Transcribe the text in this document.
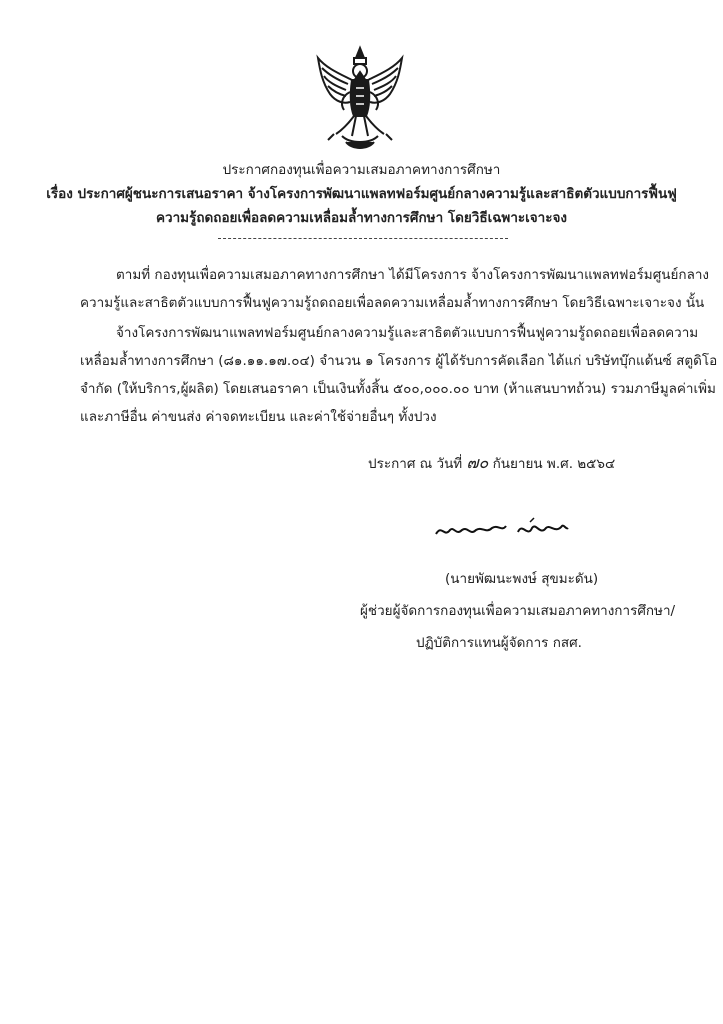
ประกาศกองทุนเพื่อความเสมอภาคทางการศึกษา
เรื่อง ประกาศผู้ชนะการเสนอราคา จ้างโครงการพัฒนาแพลทฟอร์มศูนย์กลางความรู้และสาธิตตัวแบบการฟื้นฟู
ความรู้ถดถอยเพื่อลดความเหลื่อมล้ำทางการศึกษา โดยวิธีเฉพาะเจาะจง
ตามที่ กองทุนเพื่อความเสมอภาคทางการศึกษา ได้มีโครงการ จ้างโครงการพัฒนาแพลทฟอร์มศูนย์กลาง
ความรู้และสาธิตตัวแบบการฟื้นฟูความรู้ถดถอยเพื่อลดความเหลื่อมล้ำทางการศึกษา โดยวิธีเฉพาะเจาะจง นั้น
จ้างโครงการพัฒนาแพลทฟอร์มศูนย์กลางความรู้และสาธิตตัวแบบการฟื้นฟูความรู้ถดถอยเพื่อลดความ
เหลื่อมล้ำทางการศึกษา (๘๑.๑๑.๑๗.๐๔) จำนวน ๑ โครงการ ผู้ได้รับการคัดเลือก ได้แก่ บริษัทบุ๊กแด้นซ์ สตูดิโอ
จำกัด (ให้บริการ,ผู้ผลิต) โดยเสนอราคา เป็นเงินทั้งสิ้น ๕๐๐,๐๐๐.๐๐ บาท (ห้าแสนบาทถ้วน) รวมภาษีมูลค่าเพิ่ม
และภาษีอื่น ค่าขนส่ง ค่าจดทะเบียน และค่าใช้จ่ายอื่นๆ ทั้งปวง
ประกาศ ณ วันที่ ๗๐ กันยายน พ.ศ. ๒๕๖๔
(นายพัฒนะพงษ์ สุขมะดัน)
ผู้ช่วยผู้จัดการกองทุนเพื่อความเสมอภาคทางการศึกษา/
ปฏิบัติการแทนผู้จัดการ กสศ.
